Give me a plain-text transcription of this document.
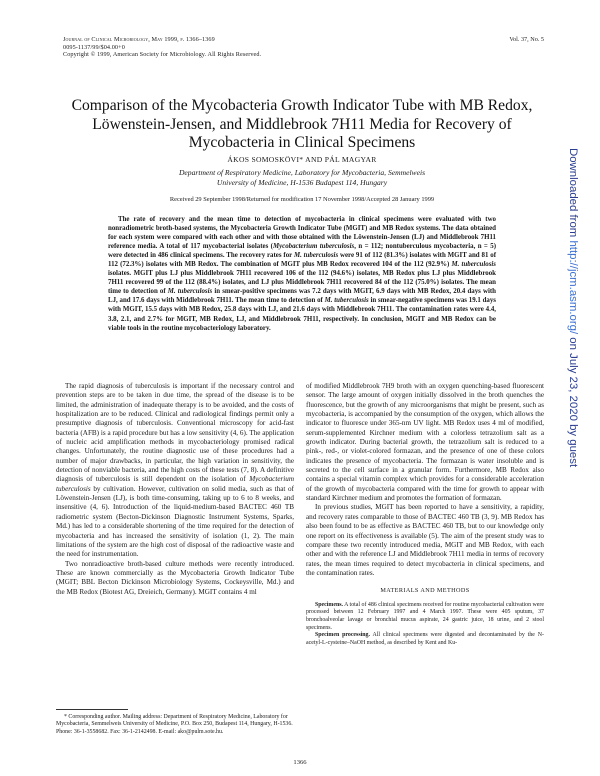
Journal of Clinical Microbiology, May 1999, p. 1366–1369
0095-1137/99/$04.00+0
Copyright © 1999, American Society for Microbiology. All Rights Reserved.
Vol. 37, No. 5
Comparison of the Mycobacteria Growth Indicator Tube with MB Redox, Löwenstein-Jensen, and Middlebrook 7H11 Media for Recovery of Mycobacteria in Clinical Specimens
ÁKOS SOMOSKÖVI* AND PÁL MAGYAR
Department of Respiratory Medicine, Laboratory for Mycobacteria, Semmelweis
University of Medicine, H-1536 Budapest 114, Hungary
Received 29 September 1998/Returned for modification 17 November 1998/Accepted 28 January 1999
The rate of recovery and the mean time to detection of mycobacteria in clinical specimens were evaluated with two nonradiometric broth-based systems, the Mycobacteria Growth Indicator Tube (MGIT) and MB Redox systems. The data obtained for each system were compared with each other and with those obtained with the Löwenstein-Jensen (LJ) and Middlebrook 7H11 reference media. A total of 117 mycobacterial isolates (Mycobacterium tuberculosis, n = 112; nontuberculous mycobacteria, n = 5) were detected in 486 clinical specimens. The recovery rates for M. tuberculosis were 91 of 112 (81.3%) isolates with MGIT and 81 of 112 (72.3%) isolates with MB Redox. The combination of MGIT plus MB Redox recovered 104 of the 112 (92.9%) M. tuberculosis isolates. MGIT plus LJ plus Middlebrook 7H11 recovered 106 of the 112 (94.6%) isolates, MB Redox plus LJ plus Middlebrook 7H11 recovered 99 of the 112 (88.4%) isolates, and LJ plus Middlebrook 7H11 recovered 84 of the 112 (75.0%) isolates. The mean time to detection of M. tuberculosis in smear-positive specimens was 7.2 days with MGIT, 6.9 days with MB Redox, 20.4 days with LJ, and 17.6 days with Middlebrook 7H11. The mean time to detection of M. tuberculosis in smear-negative specimens was 19.1 days with MGIT, 15.5 days with MB Redox, 25.8 days with LJ, and 21.6 days with Middlebrook 7H11. The contamination rates were 4.4, 3.8, 2.1, and 2.7% for MGIT, MB Redox, LJ, and Middlebrook 7H11, respectively. In conclusion, MGIT and MB Redox can be viable tools in the routine mycobacteriology laboratory.

The rapid diagnosis of tuberculosis is important if the necessary control and prevention steps are to be taken in due time, the spread of the disease is to be limited, the administration of inadequate therapy is to be avoided, and the costs of hospitalization are to be reduced. Clinical and radiological findings permit only a presumptive diagnosis of tuberculosis. Conventional microscopy for acid-fast bacteria (AFB) is a rapid procedure but has a low sensitivity (4, 6). The application of nucleic acid amplification methods in mycobacteriology promised radical changes. Unfortunately, the routine diagnostic use of these procedures had a number of major drawbacks, in particular, the high variation in sensitivity, the detection of nonviable bacteria, and the high costs of these tests (7, 8). A definitive diagnosis of tuberculosis is still dependent on the isolation of Mycobacterium tuberculosis by cultivation. However, cultivation on solid media, such as that of Löwenstein-Jensen (LJ), is both time-consuming, taking up to 6 to 8 weeks, and insensitive (4, 6). Introduction of the liquid-medium-based BACTEC 460 TB radiometric system (Becton-Dickinson Diagnostic Instrument Systems, Sparks, Md.) has led to a considerable shortening of the time required for the detection of mycobacteria and has increased the sensitivity of isolation (1, 2). The main limitations of the system are the high cost of disposal of the radioactive waste and the need for instrumentation.

Two nonradioactive broth-based culture methods were recently introduced. These are known commercially as the Mycobacteria Growth Indicator Tube (MGIT; BBL Becton Dickinson Microbiology Systems, Cockeysville, Md.) and the MB Redox (Biotest AG, Dreieich, Germany). MGIT contains 4 ml

of modified Middlebrook 7H9 broth with an oxygen quenching-based fluorescent sensor. The large amount of oxygen initially dissolved in the broth quenches the fluorescence, but the growth of any microorganisms that might be present, such as mycobacteria, is accompanied by the consumption of the oxygen, which allows the indicator to fluoresce under 365-nm UV light. MB Redox uses 4 ml of modified, serum-supplemented Kirchner medium with a colorless tetrazolium salt as a growth indicator. During bacterial growth, the tetrazolium salt is reduced to a pink-, red-, or violet-colored formazan, and the presence of one of these colors indicates the presence of mycobacteria. The formazan is water insoluble and is secreted to the cell surface in a granular form. Furthermore, MB Redox also contains a special vitamin complex which provides for a considerable acceleration of the growth of mycobacteria compared with the time for growth to appear with standard Kirchner medium and promotes the formation of formazan.

In previous studies, MGIT has been reported to have a sensitivity, a rapidity, and recovery rates comparable to those of BACTEC 460 TB (3, 9). MB Redox has also been found to be as effective as BACTEC 460 TB, but to our knowledge only one report on its effectiveness is available (5). The aim of the present study was to compare these two recently introduced media, MGIT and MB Redox, with each other and with the reference LJ and Middlebrook 7H11 media in terms of recovery rates, the mean times required to detect mycobacteria in clinical specimens, and the contamination rates.

MATERIALS AND METHODS

Specimens. A total of 486 clinical specimens received for routine mycobacterial cultivation were processed between 12 February 1997 and 4 March 1997. These were 405 sputum, 37 bronchoalveolar lavage or bronchial mucus aspirate, 24 gastric juice, 18 urine, and 2 stool specimens.

Specimen processing. All clinical specimens were digested and decontaminated by the N-acetyl-L-cysteine–NaOH method, as described by Kent and Ku-

* Corresponding author. Mailing address: Department of Respiratory Medicine, Laboratory for Mycobacteria, Semmelweis University of Medicine, P.O. Box 250, Budapest 114, Hungary, H-1536. Phone: 36-1-3558682. Fax: 36-1-2142498. E-mail: ako@pulm.sote.hu.
1366
Downloaded from http://jcm.asm.org/ on July 23, 2020 by guest
